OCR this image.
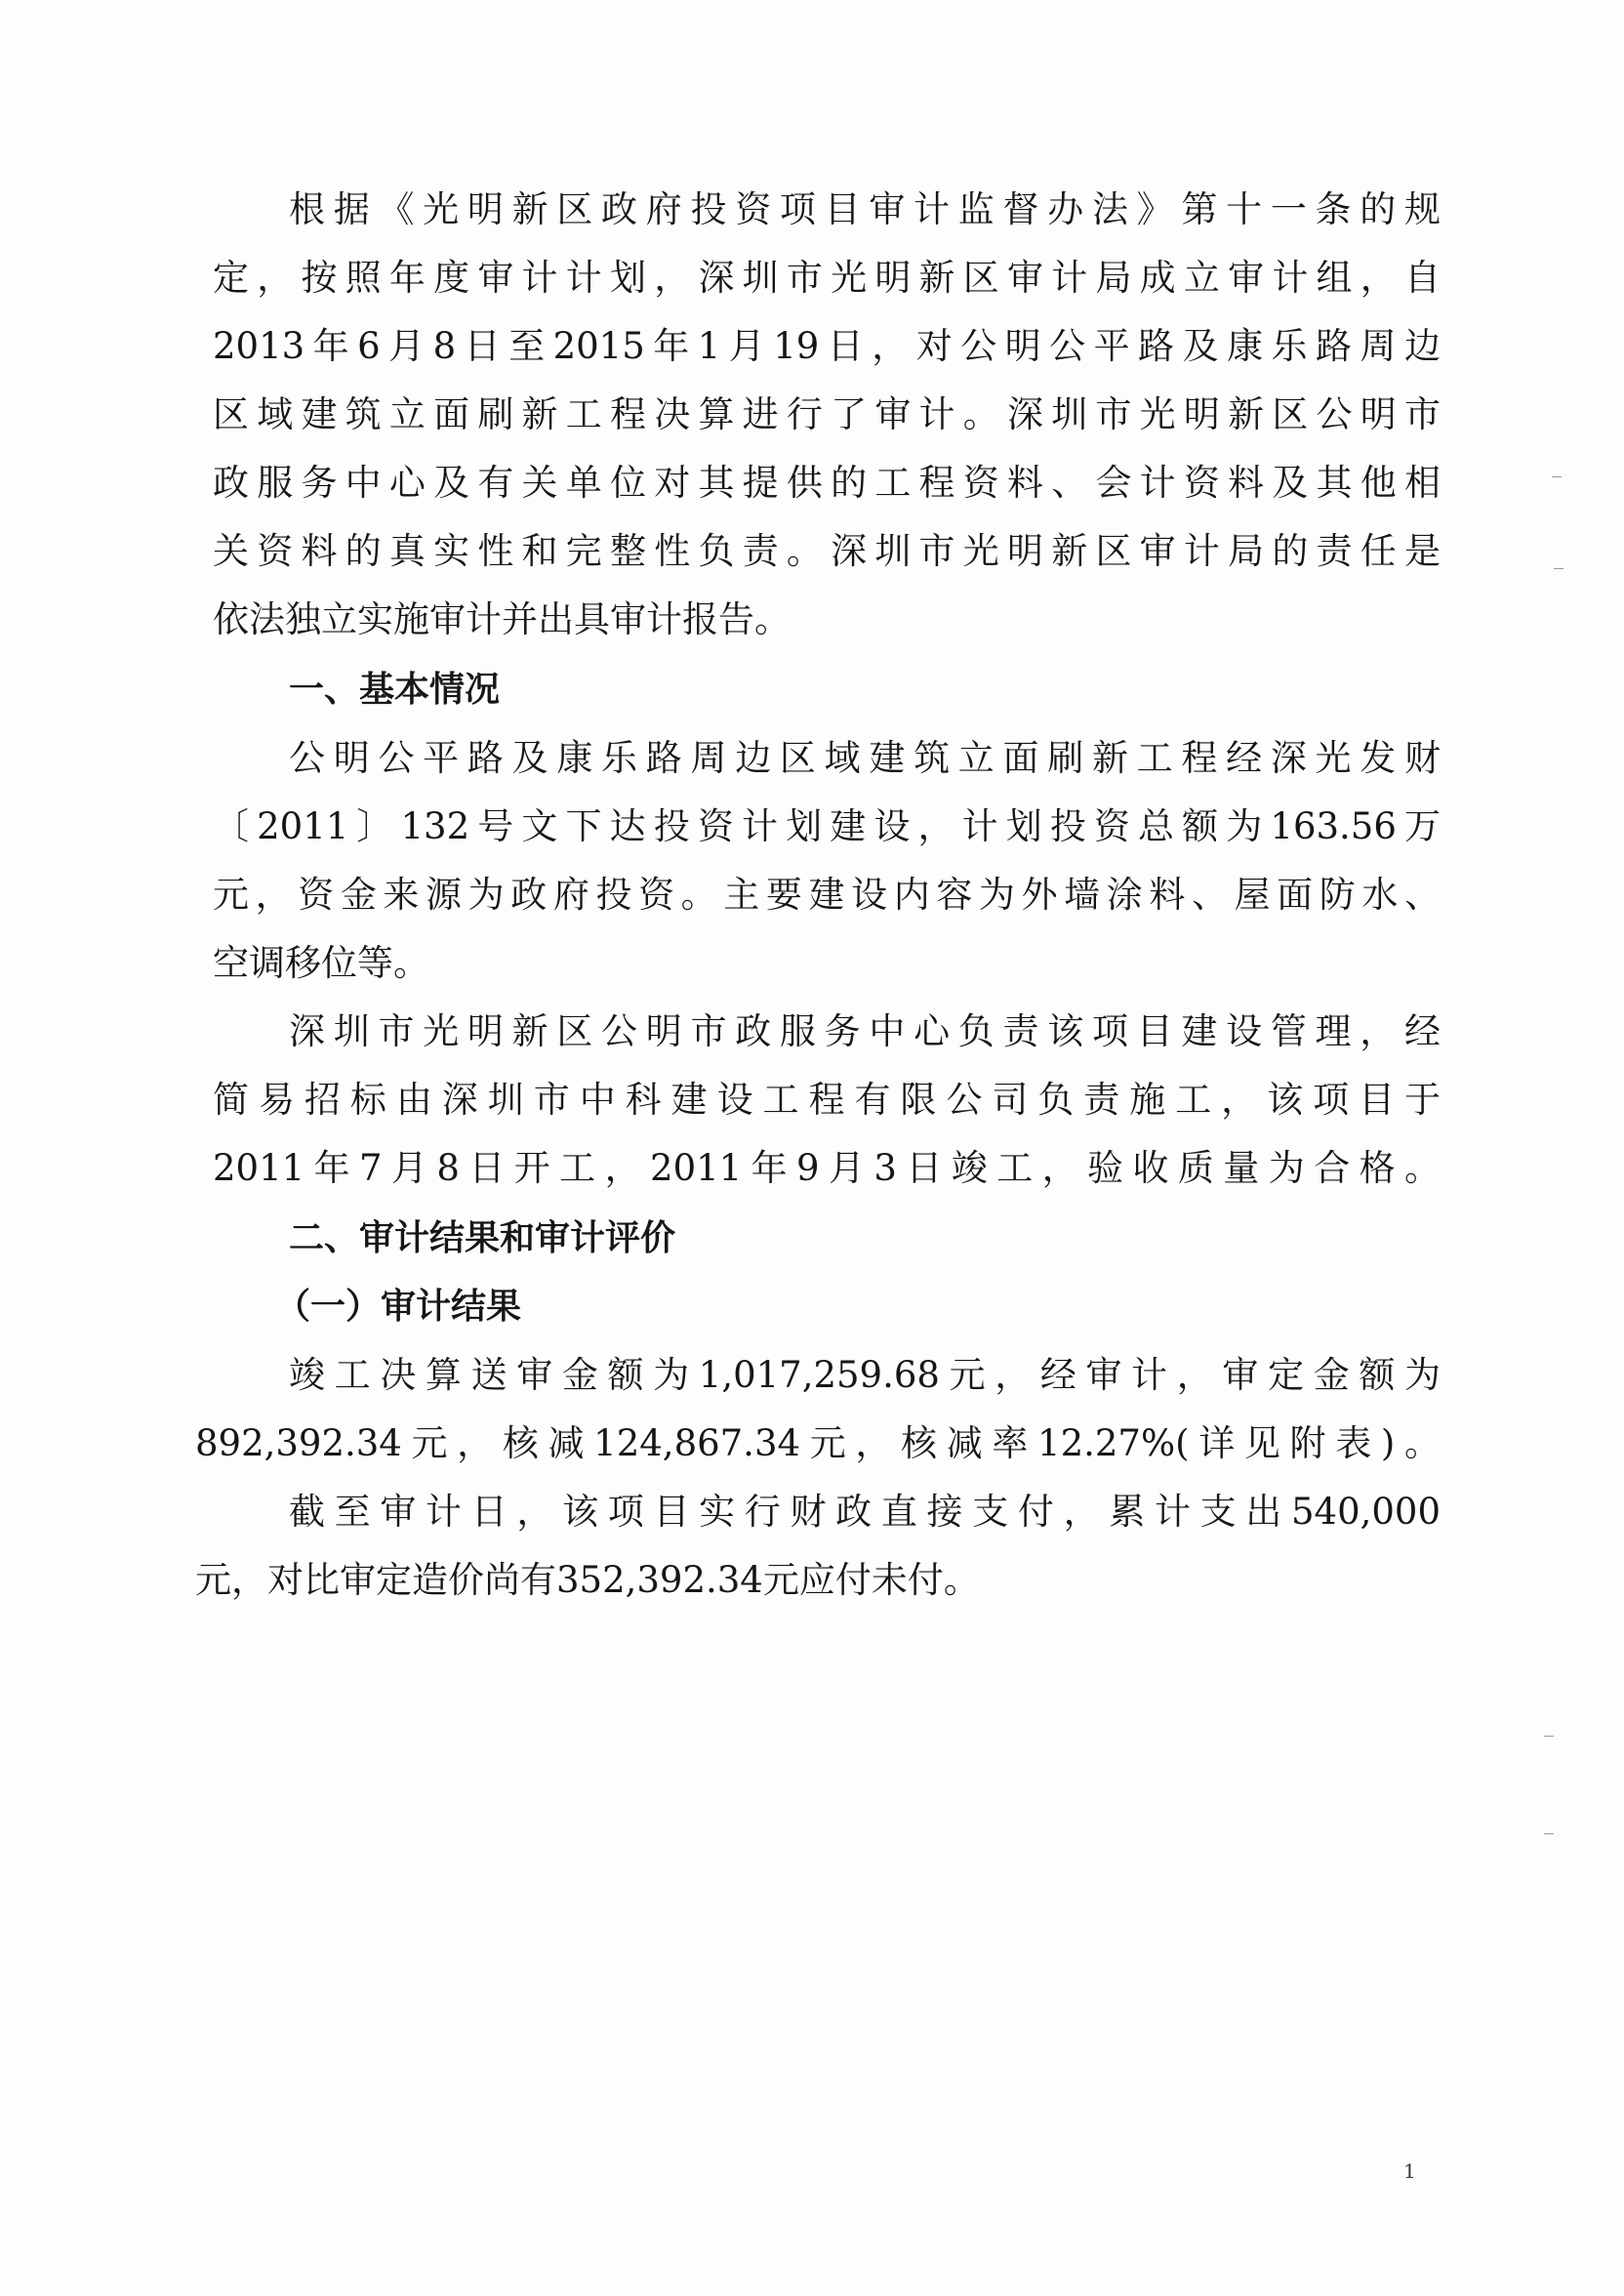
根据《光明新区政府投资项目审计监督办法》第十一条的规
定，按照年度审计计划，深圳市光明新区审计局成立审计组，自
2013年6月8日至2015年1月19日，对公明公平路及康乐路周边
区域建筑立面刷新工程决算进行了审计。深圳市光明新区公明市
政服务中心及有关单位对其提供的工程资料、会计资料及其他相
关资料的真实性和完整性负责。深圳市光明新区审计局的责任是
依法独立实施审计并出具审计报告。
一、基本情况
公明公平路及康乐路周边区域建筑立面刷新工程经深光发财
〔2011〕132号文下达投资计划建设，计划投资总额为163.56万
元，资金来源为政府投资。主要建设内容为外墙涂料、屋面防水、
空调移位等。
深圳市光明新区公明市政服务中心负责该项目建设管理，经
简易招标由深圳市中科建设工程有限公司负责施工，该项目于
2011年7月8日开工，2011年9月3日竣工，验收质量为合格。
二、审计结果和审计评价
（一）审计结果
竣工决算送审金额为1,017,259.68元，经审计，审定金额为
892,392.34元，核减124,867.34元，核减率12.27%(详见附表)。
截至审计日，该项目实行财政直接支付，累计支出540,000
元，对比审定造价尚有352,392.34元应付未付。
1
